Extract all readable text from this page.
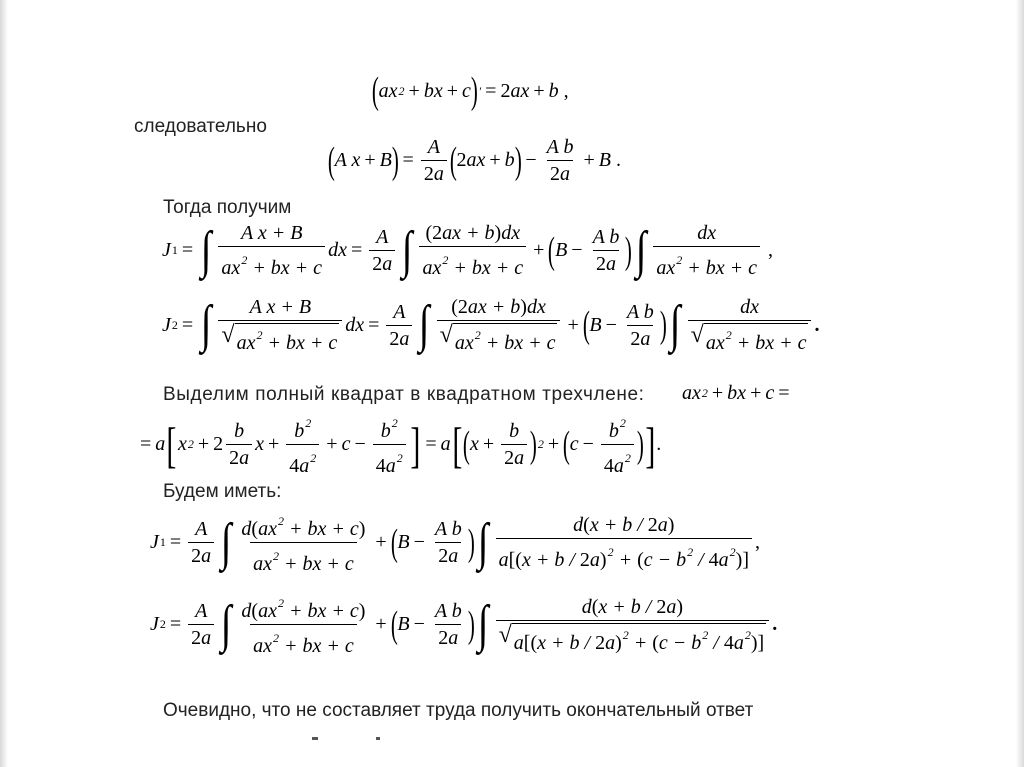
( ax 2 + bx + c ) ′ = 2 ax + b ,
следовательно
( A x + B ) = $\frac{A}{2a}$ ( 2 ax + b ) − $\frac{\text{A b}}{2a} + B$ .
Тогда получим
J 1 = ∫ $\frac{\text{A x + B}}{ax^2 + bx + c}$ dx = $\frac{A}{2a}$ ∫ $\frac{(2ax + b)dx}{ax^2 + bx + c}$ + ( $B - \frac{\text{A b}}{2a}$ ) ∫ $\frac{dx}{ax^2 + bx + c}$ ,
J 2 = ∫ $\frac{\text{A x + B}}{√ ax^2 + bx + c}$ dx = $\frac{A}{2a}$ ∫ $\frac{(2ax + b)dx}{√ ax^2 + bx + c}$ + ( $B - \frac{\text{A b}}{2a}$ ) ∫ $\frac{dx}{√ ax^2 + bx + c}$ .
Выделим полный квадрат в квадратном трехчлене: ax 2 + bx + c =
= a [ x $2 + 2 \frac{b}{2a}$ $x + \frac{b^2}{4a^2} + c - \frac{b^2}{4a^2}$ ] = a [ ( $x + \frac{b}{2a}$ ) 2 + ( $c - \frac{b^2}{4a^2}$ ) ] .
Будем иметь:
J $1 = \frac{A}{2a}$ ∫ $\frac{d(ax^2 + bx + c)}{ax^2 + bx + c}$ + ( $B - \frac{\text{A b}}{2a}$ ) ∫ $\frac{d(x + b / 2a)}{a[(x + b / 2a)^2 + (c - b^2 / 4a^2)]}$ ,
J $2 = \frac{A}{2a}$ ∫ $\frac{d(ax^2 + bx + c)}{ax^2 + bx + c}$ + ( $B - \frac{\text{A b}}{2a}$ ) ∫ $\frac{d(x + b / 2a)}{√ a[(x + b / 2a)^2 + (c - b^2 / 4a^2)]}$ .
Очевидно, что не составляет труда получить окончательный ответ
